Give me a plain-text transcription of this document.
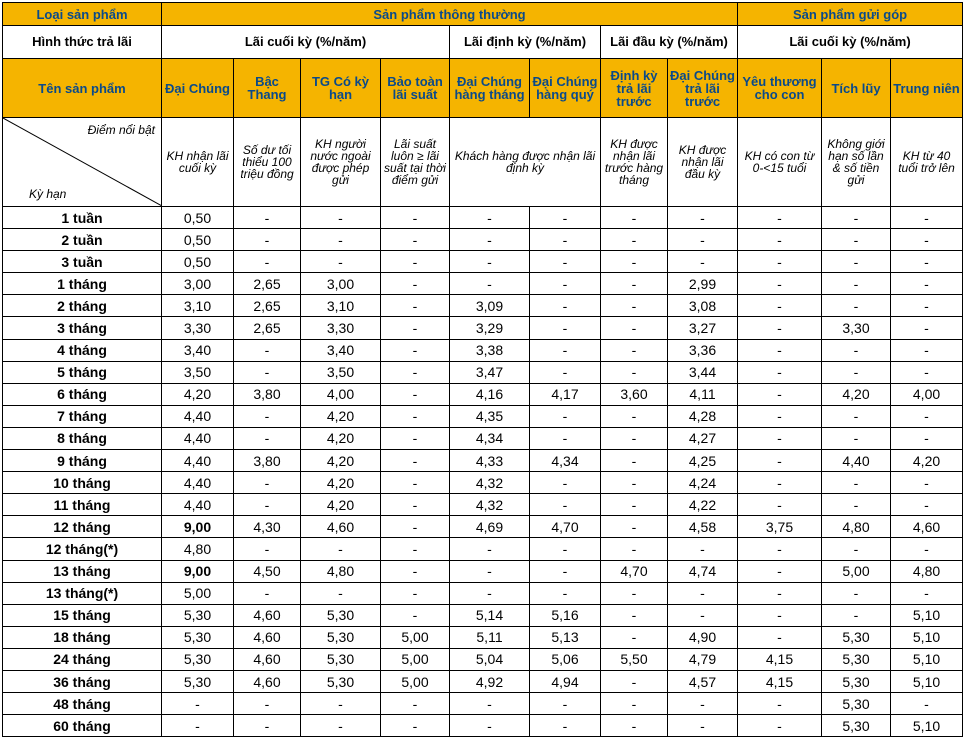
Loại sản phẩm	Sản phẩm thông thường								Sản phẩm gửi góp		
Hình thức trả lãi	Lãi cuối kỳ (%/năm)				Lãi định kỳ (%/năm)		Lãi đầu kỳ (%/năm)		Lãi cuối kỳ (%/năm)		
Tên sản phẩm	Đại Chúng	Bậc Thang	TG Có kỳ hạn	Bảo toàn lãi suất	Đại Chúng hàng tháng	Đại Chúng hàng quý	Định kỳ trả lãi trước	Đại Chúng trả lãi trước	Yêu thương cho con	Tích lũy	Trung niên

Điểm nổi bật
Kỳ hạn	KH nhận lãi cuối kỳ	Số dư tối thiểu 100 triệu đồng	KH người nước ngoài được phép gửi	Lãi suất luôn ≥ lãi suất tại thời điểm gửi	Khách hàng được nhận lãi định kỳ		KH được nhận lãi trước hàng tháng	KH được nhận lãi đầu kỳ	KH có con từ 0-<15 tuổi	Không giới hạn số lần & số tiền gửi	KH từ 40 tuổi trở lên
1 tuần	0,50	-	-	-	-	-	-	-	-	-	-
2 tuần	0,50	-	-	-	-	-	-	-	-	-	-
3 tuần	0,50	-	-	-	-	-	-	-	-	-	-
1 tháng	3,00	2,65	3,00	-	-	-	-	2,99	-	-	-
2 tháng	3,10	2,65	3,10	-	3,09	-	-	3,08	-	-	-
3 tháng	3,30	2,65	3,30	-	3,29	-	-	3,27	-	3,30	-
4 tháng	3,40	-	3,40	-	3,38	-	-	3,36	-	-	-
5 tháng	3,50	-	3,50	-	3,47	-	-	3,44	-	-	-
6 tháng	4,20	3,80	4,00	-	4,16	4,17	3,60	4,11	-	4,20	4,00
7 tháng	4,40	-	4,20	-	4,35	-	-	4,28	-	-	-
8 tháng	4,40	-	4,20	-	4,34	-	-	4,27	-	-	-
9 tháng	4,40	3,80	4,20	-	4,33	4,34	-	4,25	-	4,40	4,20
10 tháng	4,40	-	4,20	-	4,32	-	-	4,24	-	-	-
11 tháng	4,40	-	4,20	-	4,32	-	-	4,22	-	-	-
12 tháng	9,00	4,30	4,60	-	4,69	4,70	-	4,58	3,75	4,80	4,60
12 tháng(*)	4,80	-	-	-	-	-	-	-	-	-	-
13 tháng	9,00	4,50	4,80	-	-	-	4,70	4,74	-	5,00	4,80
13 tháng(*)	5,00	-	-	-	-	-	-	-	-	-	-
15 tháng	5,30	4,60	5,30	-	5,14	5,16	-	-	-	-	5,10
18 tháng	5,30	4,60	5,30	5,00	5,11	5,13	-	4,90	-	5,30	5,10
24 tháng	5,30	4,60	5,30	5,00	5,04	5,06	5,50	4,79	4,15	5,30	5,10
36 tháng	5,30	4,60	5,30	5,00	4,92	4,94	-	4,57	4,15	5,30	5,10
48 tháng	-	-	-	-	-	-	-	-	-	5,30	-
60 tháng	-	-	-	-	-	-	-	-	-	5,30	5,10
